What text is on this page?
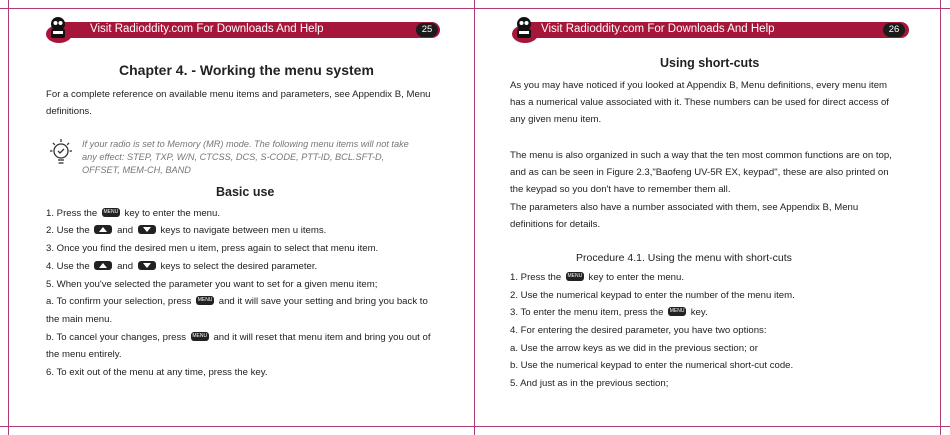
Visit Radioddity.com For Downloads And Help	25
Chapter 4. - Working the menu system
For a complete reference on available menu items and parameters, see Appendix B, Menu
definitions.
If your radio is set to Memory (MR) mode. The following menu items will not take
any effect: STEP, TXP, W/N, CTCSS, DCS, S-CODE, PTT-ID, BCL.SFT-D,
OFFSET, MEM-CH, BAND
Basic use
1. Press the MENU key to enter the menu.
2. Use the	and	keys to navigate between men u items.
3. Once you find the desired men u item, press again to select that menu item.
4. Use the	and	keys to select the desired parameter.
5. When you've selected the parameter you want to set for a given menu item;
a. To confirm your selection, press MENU and it will save your setting and bring you back to
the main menu.
b. To cancel your changes, press MENU and it will reset that menu item and bring you out of
the menu entirely.
6. To exit out of the menu at any time, press the key.
Visit Radioddity.com For Downloads And Help	26
Using short-cuts
As you may have noticed if you looked at Appendix B, Menu definitions, every menu item
has a numerical value associated with it. These numbers can be used for direct access of
any given menu item.
The menu is also organized in such a way that the ten most common functions are on top,
and as can be seen in Figure 2.3,"Baofeng UV-5R EX, keypad", these are also printed on
the keypad so you don't have to remember them all.
The parameters also have a number associated with them, see Appendix B, Menu
definitions for details.
Procedure 4.1. Using the menu with short-cuts
1. Press the MENU key to enter the menu.
2. Use the numerical keypad to enter the number of the menu item.
3. To enter the menu item, press the MENU key.
4. For entering the desired parameter, you have two options:
a. Use the arrow keys as we did in the previous section; or
b. Use the numerical keypad to enter the numerical short-cut code.
5. And just as in the previous section;
